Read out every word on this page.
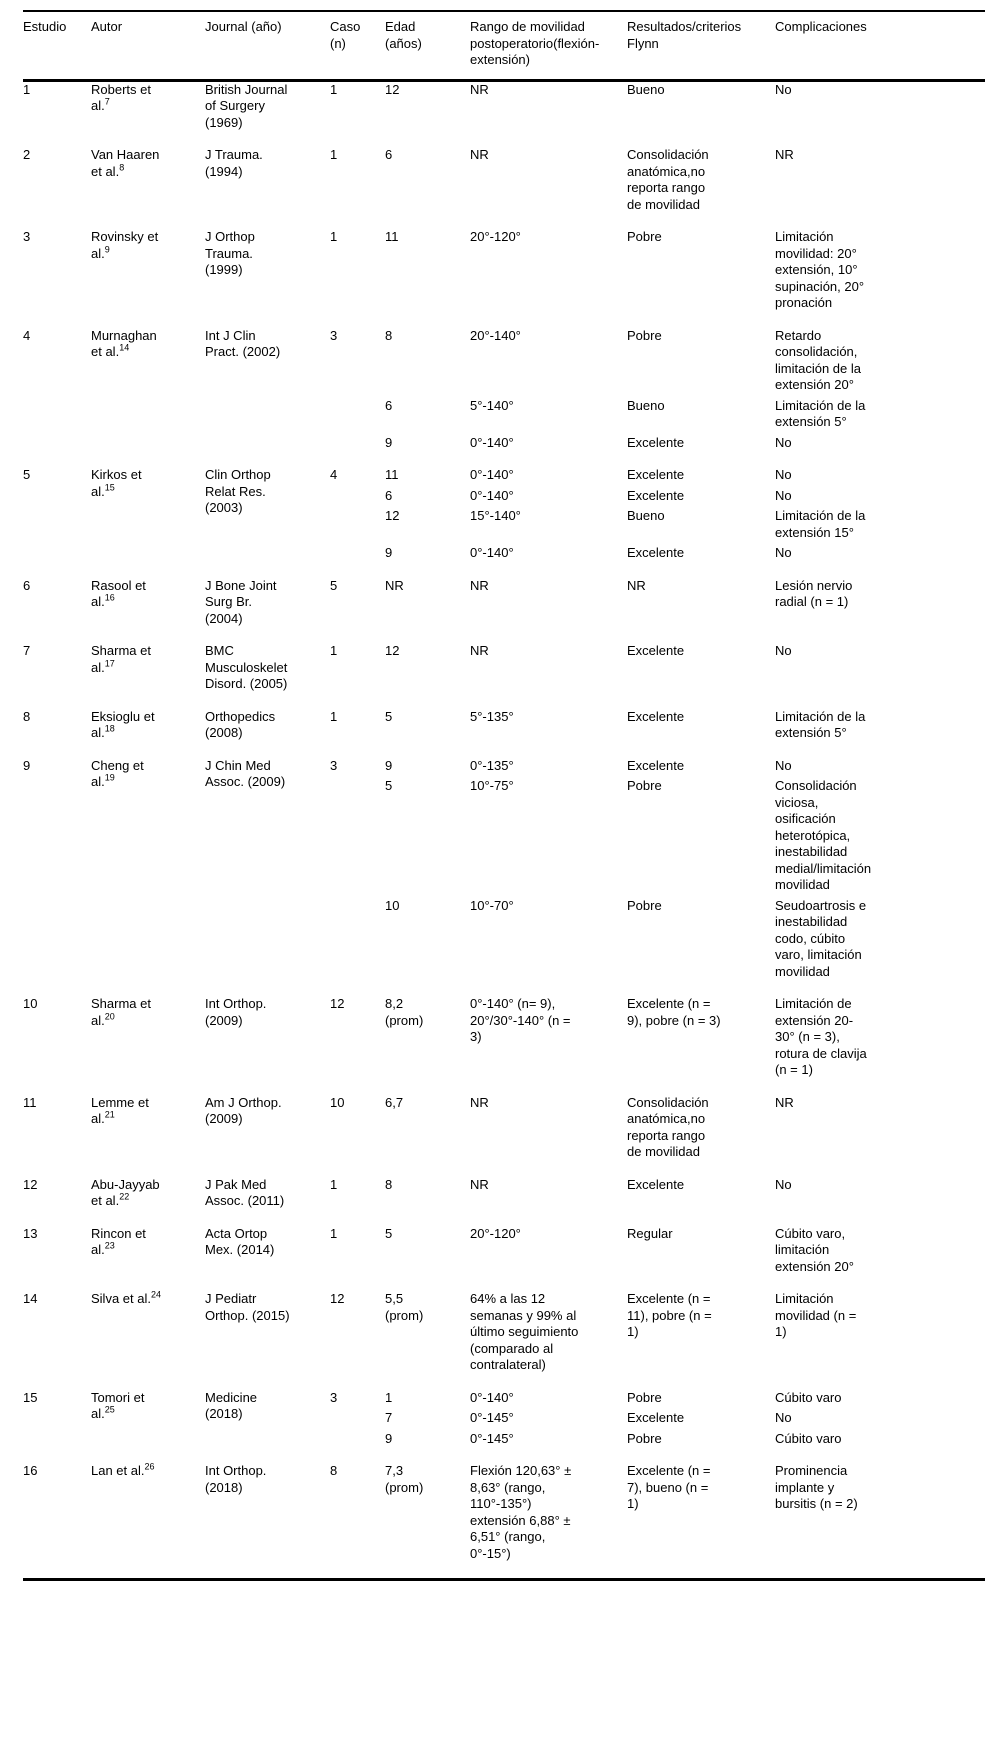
Estudio	Autor	Journal (año)	Caso (n)	Edad (años)	Rango de movilidad postoperatorio(flexión-extensión)	Resultados/criterios Flynn	Complicaciones
1	Roberts et al.$^7$	British Journal of Surgery (1969)	1	12	NR	Bueno	No
2	Van Haaren et al.$^8$	J Trauma. (1994)	1	6	NR	Consolidación anatómica,no reporta rango de movilidad	NR
3	Rovinsky et al.$^9$	J Orthop Trauma. (1999)	1	11	20°-120°	Pobre	Limitación movilidad: 20° extensión, 10° supinación, 20° pronación
4	Murnaghan et al.$^{14}$	Int J Clin Pract. (2002)	3	8	20°-140°	Pobre	Retardo consolidación, limitación de la extensión 20°
				6	5°-140°	Bueno	Limitación de la extensión 5°
				9	0°-140°	Excelente	No
5	Kirkos et al.$^{15}$	Clin Orthop Relat Res. (2003)	4	11	0°-140°	Excelente	No
				6	0°-140°	Excelente	No
				12	15°-140°	Bueno	Limitación de la extensión 15°
				9	0°-140°	Excelente	No
6	Rasool et al.$^{16}$	J Bone Joint Surg Br. (2004)	5	NR	NR	NR	Lesión nervio radial (n = 1)
7	Sharma et al.$^{17}$	BMC Musculoskelet Disord. (2005)	1	12	NR	Excelente	No
8	Eksioglu et al.$^{18}$	Orthopedics (2008)	1	5	5°-135°	Excelente	Limitación de la extensión 5°
9	Cheng et al.$^{19}$	J Chin Med Assoc. (2009)	3	9	0°-135°	Excelente	No
				5	10°-75°	Pobre	Consolidación viciosa, osificación heterotópica, inestabilidad medial/limitación movilidad
				10	10°-70°	Pobre	Seudoartrosis e inestabilidad codo, cúbito varo, limitación movilidad
10	Sharma et al.$^{20}$	Int Orthop. (2009)	12	8,2 (prom)	0°-140° (n= 9), 20°/30°-140° (n = 3)	Excelente (n = 9), pobre (n = 3)	Limitación de extensión 20-30° (n = 3), rotura de clavija (n = 1)
11	Lemme et al.$^{21}$	Am J Orthop. (2009)	10	6,7	NR	Consolidación anatómica,no reporta rango de movilidad	NR
12	Abu-Jayyab et al.$^{22}$	J Pak Med Assoc. (2011)	1	8	NR	Excelente	No
13	Rincon et al.$^{23}$	Acta Ortop Mex. (2014)	1	5	20°-120°	Regular	Cúbito varo, limitación extensión 20°
14	Silva et al.$^{24}$	J Pediatr Orthop. (2015)	12	5,5 (prom)	64% a las 12 semanas y 99% al último seguimiento (comparado al contralateral)	Excelente (n = 11), pobre (n = 1)	Limitación movilidad (n = 1)
15	Tomori et al.$^{25}$	Medicine (2018)	3	1	0°-140°	Pobre	Cúbito varo
				7	0°-145°	Excelente	No
				9	0°-145°	Pobre	Cúbito varo
16	Lan et al.$^{26}$	Int Orthop. (2018)	8	7,3 (prom)	Flexión 120,63° ± 8,63° (rango, 110°-135°) extensión 6,88° ± 6,51° (rango, 0°-15°)	Excelente (n = 7), bueno (n = 1)	Prominencia implante y bursitis (n = 2)
